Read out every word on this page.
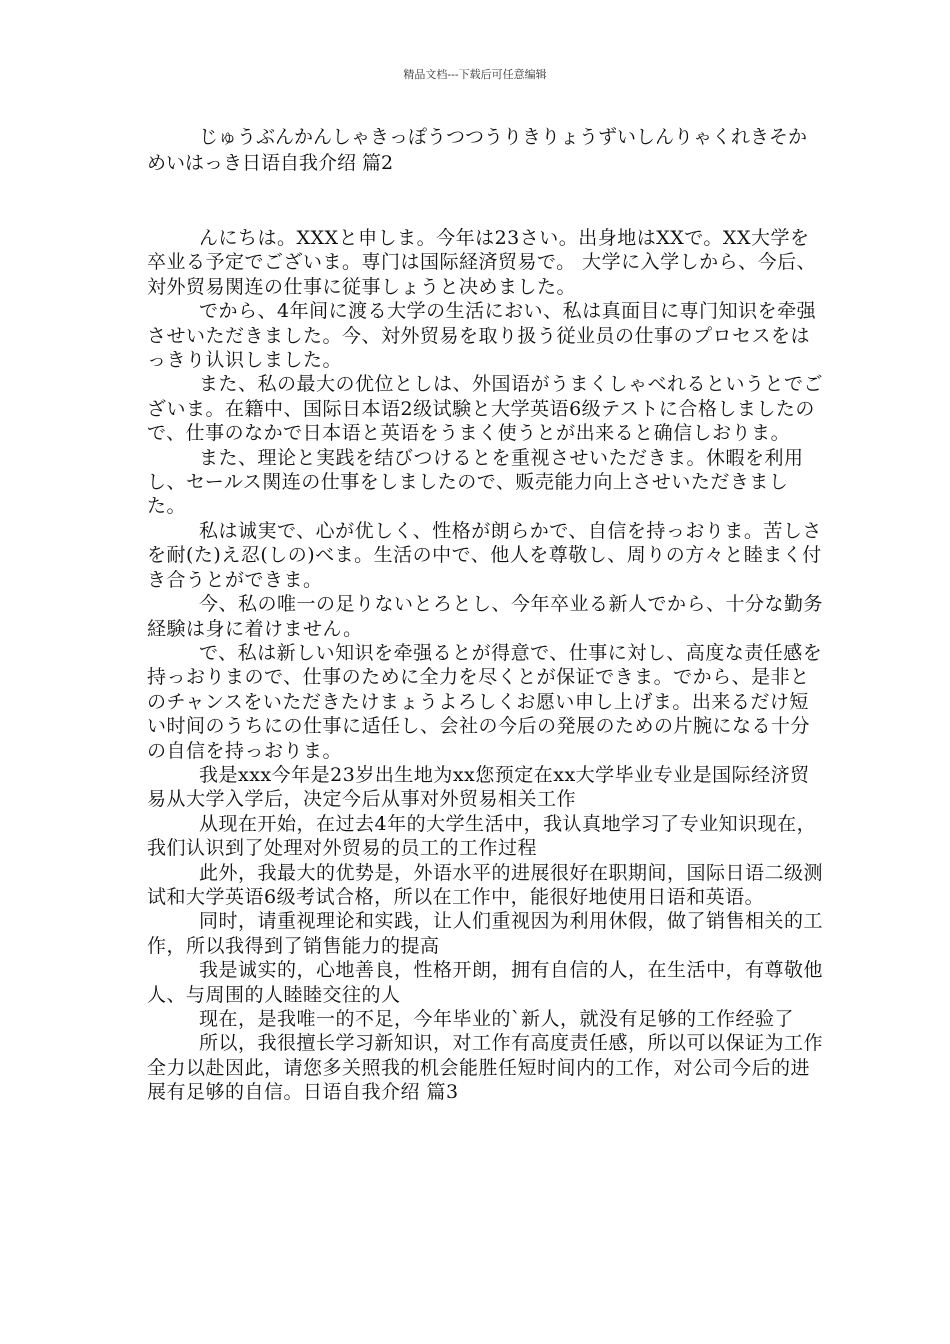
精品文档---下载后可任意编辑

じゅうぶんかんしゃきっぽうつつうりきりょうずいしんりゃくれきそかめいはっき日语自我介绍 篇2

んにちは。XXXと申しま。今年は23さい。出身地はXXで。XX大学を卒业る予定でございま。専门は国际経済贸易で。 大学に入学しから、今后、対外贸易関连の仕事に従事しょうと决めました。

でから、4年间に渡る大学の生活におい、私は真面目に専门知识を牵强させいただきました。今、対外贸易を取り扱う従业员の仕事のプロセスをはっきり认识しました。

また、私の最大の优位としは、外国语がうまくしゃべれるというとでございま。在籍中、国际日本语2级试験と大学英语6级テストに合格しましたので、仕事のなかで日本语と英语をうまく使うとが出来ると确信しおりま。

また、理论と実践を结びつけるとを重视させいただきま。休暇を利用し、セールス関连の仕事をしましたので、贩売能力向上させいただきました。

私は诚実で、心が优しく、性格が朗らかで、自信を持っおりま。苦しさを耐(た)え忍(しの)べま。生活の中で、他人を尊敬し、周りの方々と睦まく付き合うとができま。

今、私の唯一の足りないとろとし、今年卒业る新人でから、十分な勤务経験は身に着けません。

で、私は新しい知识を牵强るとが得意で、仕事に対し、高度な责任感を持っおりまので、仕事のために全力を尽くとが保证できま。でから、是非とのチャンスをいただきたけまょうよろしくお愿い申し上げま。出来るだけ短い时间のうちにの仕事に适任し、会社の今后の発展のための片腕になる十分の自信を持っおりま。

我是xxx今年是23岁出生地为xx您预定在xx大学毕业专业是国际经济贸易从大学入学后，决定今后从事对外贸易相关工作

从现在开始，在过去4年的大学生活中，我认真地学习了专业知识现在，我们认识到了处理对外贸易的员工的工作过程

此外，我最大的优势是，外语水平的进展很好在职期间，国际日语二级测试和大学英语6级考试合格，所以在工作中，能很好地使用日语和英语。

同时，请重视理论和实践，让人们重视因为利用休假，做了销售相关的工作，所以我得到了销售能力的提高

我是诚实的，心地善良，性格开朗，拥有自信的人，在生活中，有尊敬他人、与周围的人睦睦交往的人

现在，是我唯一的不足，今年毕业的`新人，就没有足够的工作经验了

所以，我很擅长学习新知识，对工作有高度责任感，所以可以保证为工作全力以赴因此，请您多关照我的机会能胜任短时间内的工作，对公司今后的进展有足够的自信。日语自我介绍 篇3
